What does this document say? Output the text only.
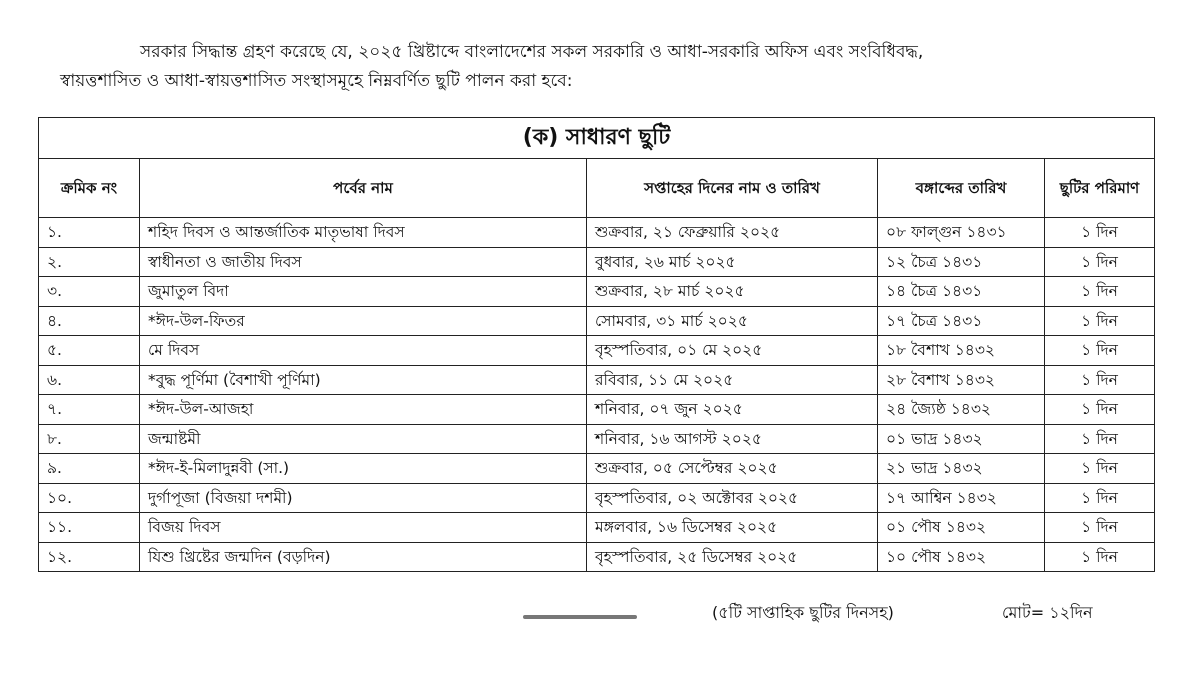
সরকার সিদ্ধান্ত গ্রহণ করেছে যে, ২০২৫ খ্রিষ্টাব্দে বাংলাদেশের সকল সরকারি ও আধা-সরকারি অফিস এবং সংবিধিবদ্ধ,
স্বায়ত্তশাসিত ও আধা-স্বায়ত্তশাসিত সংস্থাসমূহে নিম্নবর্ণিত ছুটি পালন করা হবে:
(ক) সাধারণ ছুটি				
ক্রমিক নং	পর্বের নাম	সপ্তাহের দিনের নাম ও তারিখ	বঙ্গাব্দের তারিখ	ছুটির পরিমাণ
১.	শহিদ দিবস ও আন্তর্জাতিক মাতৃভাষা দিবস	শুক্রবার, ২১ ফেব্রুয়ারি ২০২৫	০৮ ফাল্গুন ১৪৩১	১ দিন
২.	স্বাধীনতা ও জাতীয় দিবস	বুধবার, ২৬ মার্চ ২০২৫	১২ চৈত্র ১৪৩১	১ দিন
৩.	জুমাতুল বিদা	শুক্রবার, ২৮ মার্চ ২০২৫	১৪ চৈত্র ১৪৩১	১ দিন
৪.	*ঈদ-উল-ফিতর	সোমবার, ৩১ মার্চ ২০২৫	১৭ চৈত্র ১৪৩১	১ দিন
৫.	মে দিবস	বৃহস্পতিবার, ০১ মে ২০২৫	১৮ বৈশাখ ১৪৩২	১ দিন
৬.	*বুদ্ধ পূর্ণিমা (বৈশাখী পূর্ণিমা)	রবিবার, ১১ মে ২০২৫	২৮ বৈশাখ ১৪৩২	১ দিন
৭.	*ঈদ-উল-আজহা	শনিবার, ০৭ জুন ২০২৫	২৪ জ্যৈষ্ঠ ১৪৩২	১ দিন
৮.	জন্মাষ্টমী	শনিবার, ১৬ আগস্ট ২০২৫	০১ ভাদ্র ১৪৩২	১ দিন
৯.	*ঈদ-ই-মিলাদুন্নবী (সা.)	শুক্রবার, ০৫ সেপ্টেম্বর ২০২৫	২১ ভাদ্র ১৪৩২	১ দিন
১০.	দুর্গাপূজা (বিজয়া দশমী)	বৃহস্পতিবার, ০২ অক্টোবর ২০২৫	১৭ আশ্বিন ১৪৩২	১ দিন
১১.	বিজয় দিবস	মঙ্গলবার, ১৬ ডিসেম্বর ২০২৫	০১ পৌষ ১৪৩২	১ দিন
১২.	যিশু খ্রিষ্টের জন্মদিন (বড়দিন)	বৃহস্পতিবার, ২৫ ডিসেম্বর ২০২৫	১০ পৌষ ১৪৩২	১ দিন
(৫টি সাপ্তাহিক ছুটির দিনসহ)	মোট= ১২দিন
